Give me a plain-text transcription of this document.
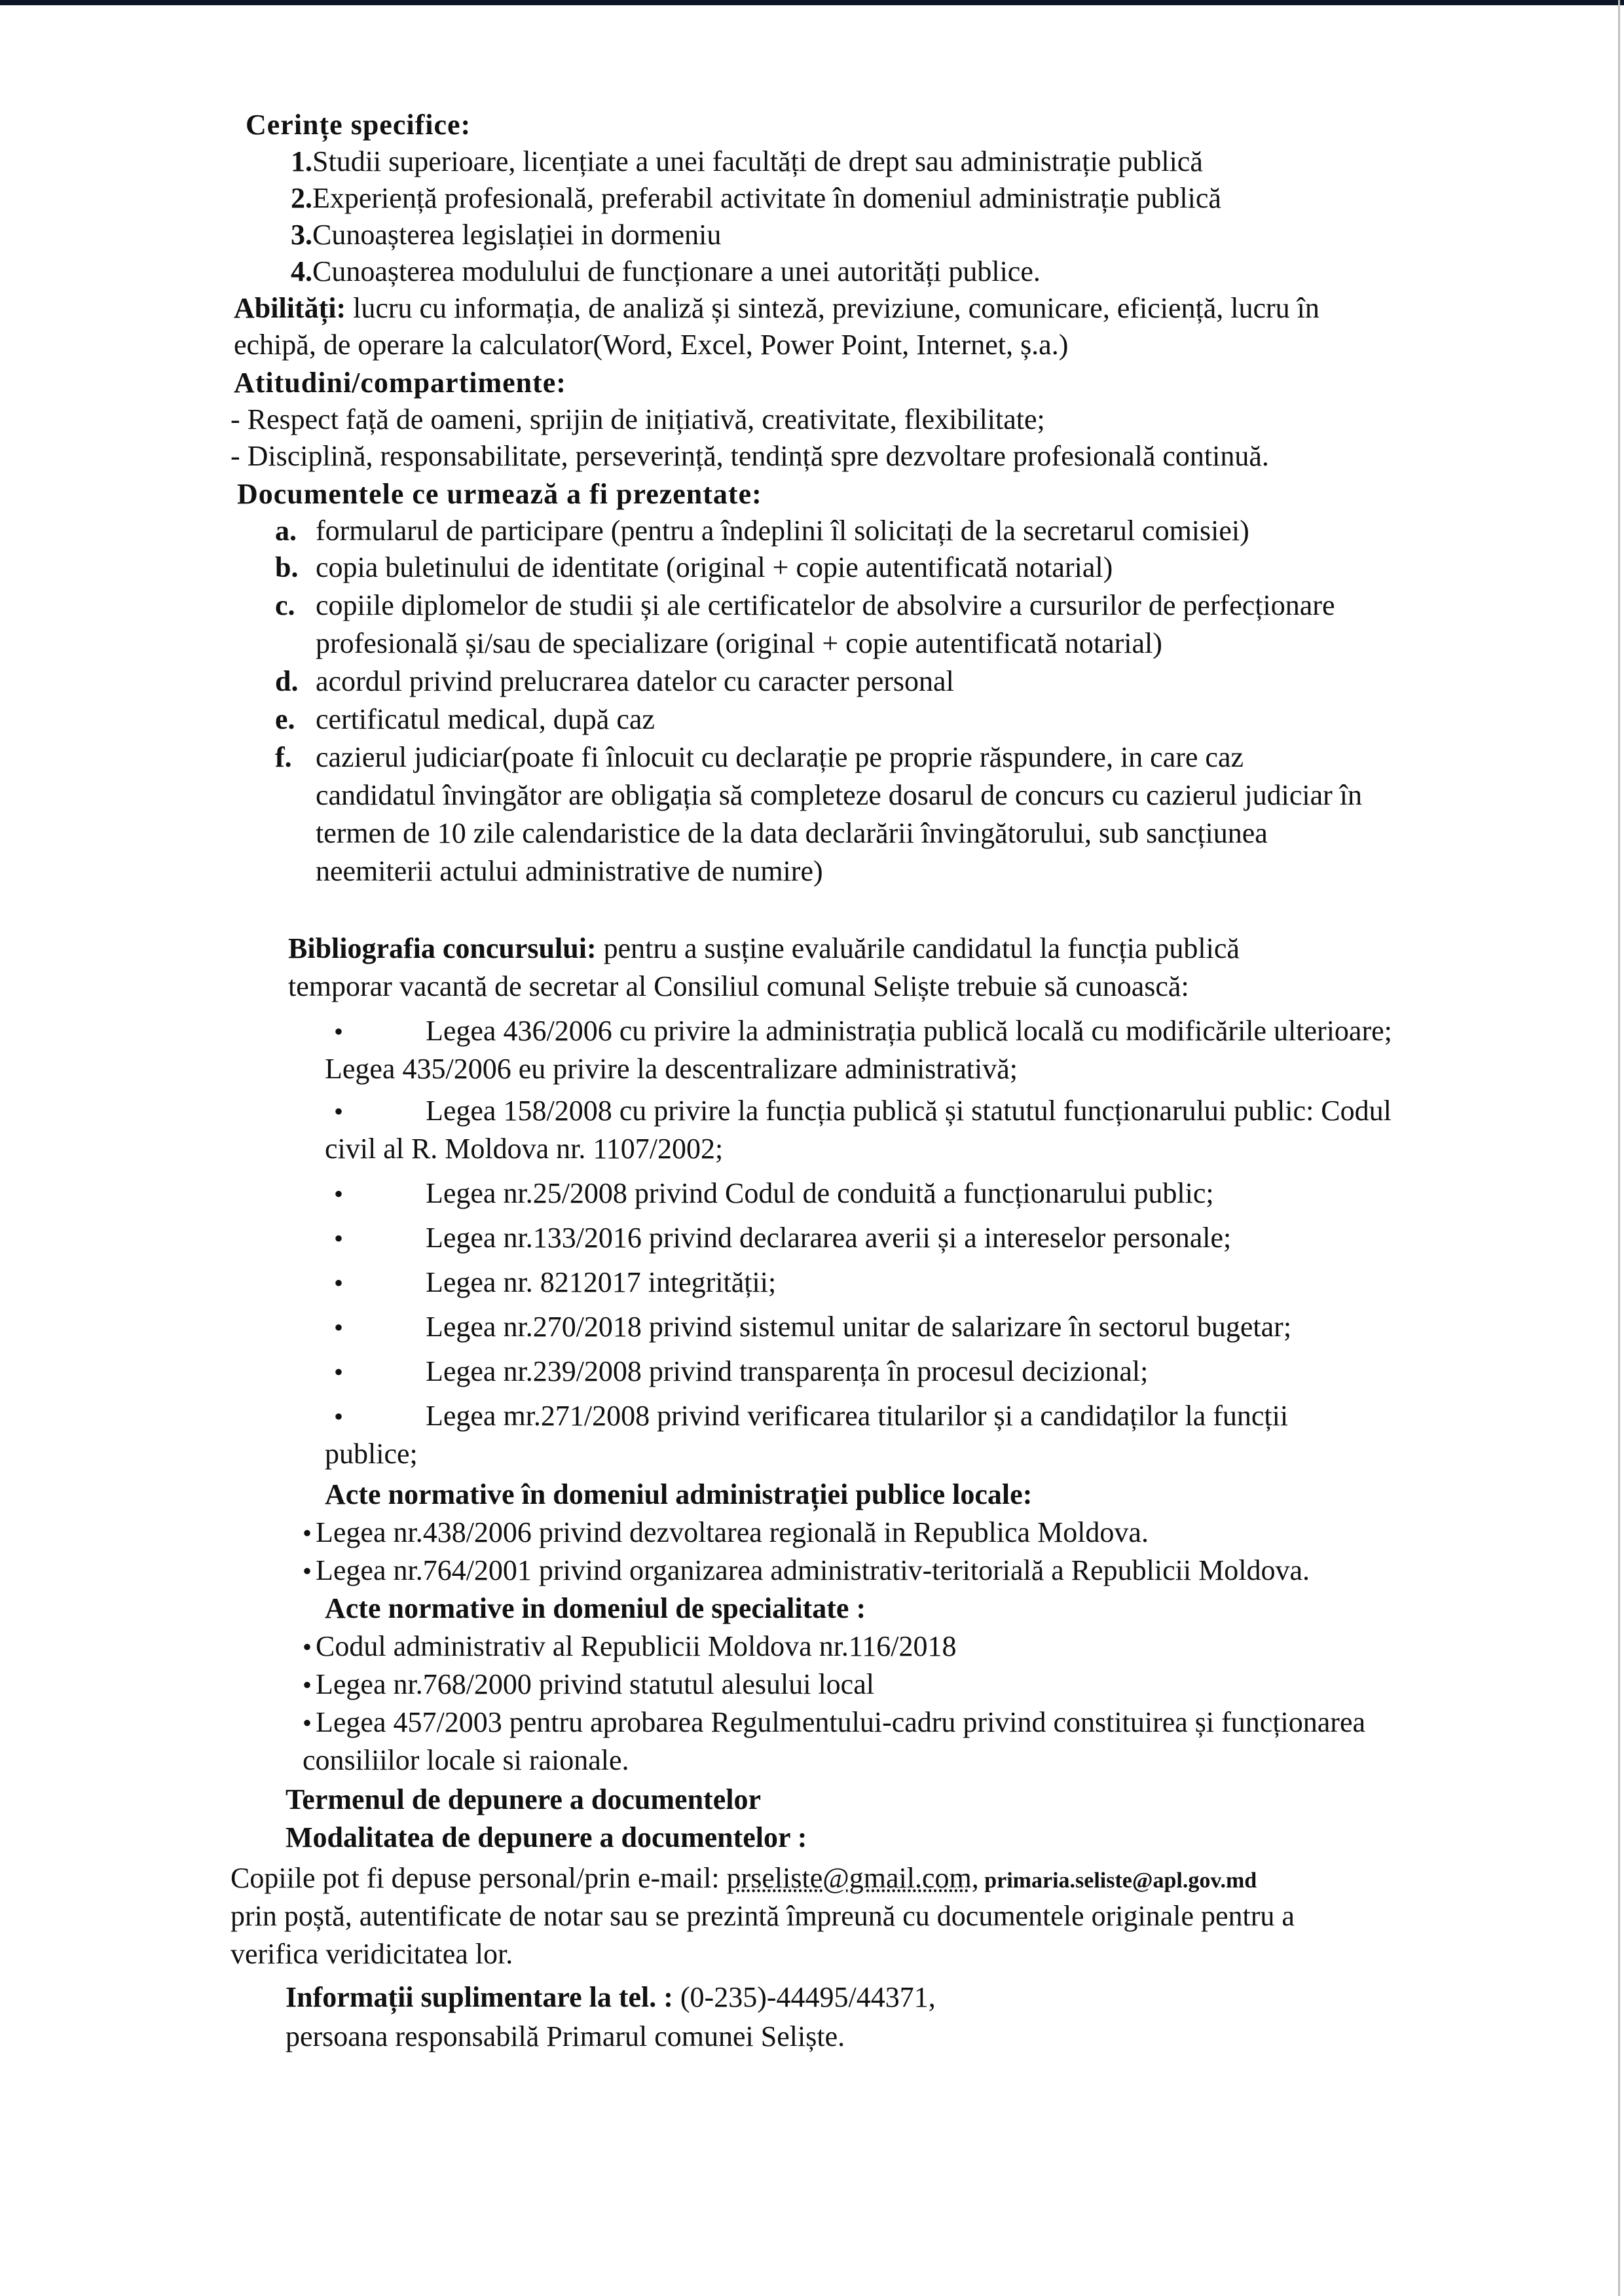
Cerințe specifice:
1.Studii superioare, licențiate a unei facultăți de drept sau administrație publică
2.Experiență profesională, preferabil activitate în domeniul administrație publică
3.Cunoașterea legislației in dormeniu
4.Cunoașterea modulului de funcționare a unei autorități publice.
Abilități: lucru cu informația, de analiză și sinteză, previziune, comunicare, eficiență, lucru în
echipă, de operare la calculator(Word, Excel, Power Point, Internet, ș.a.)
Atitudini/compartimente:
- Respect față de oameni, sprijin de inițiativă, creativitate, flexibilitate;
- Disciplină, responsabilitate, perseverință, tendință spre dezvoltare profesională continuă.
Documentele ce urmează a fi prezentate:
a. formularul de participare (pentru a îndeplini îl solicitați de la secretarul comisiei)
b. copia buletinului de identitate (original + copie autentificată notarial)
c. copiile diplomelor de studii și ale certificatelor de absolvire a cursurilor de perfecționare
profesională și/sau de specializare (original + copie autentificată notarial)
d. acordul privind prelucrarea datelor cu caracter personal
e. certificatul medical, după caz
f. cazierul judiciar(poate fi înlocuit cu declarație pe proprie răspundere, in care caz
candidatul învingător are obligația să completeze dosarul de concurs cu cazierul judiciar în
termen de 10 zile calendaristice de la data declarării învingătorului, sub sancțiunea
neemiterii actului administrative de numire)
Bibliografia concursului: pentru a susține evaluările candidatul la funcția publică
temporar vacantă de secretar al Consiliul comunal Seliște trebuie să cunoască:
•	Legea 436/2006 cu privire la administrația publică locală cu modificările ulterioare;
Legea 435/2006 eu privire la descentralizare administrativă;
•	Legea 158/2008 cu privire la funcția publică și statutul funcționarului public: Codul
civil al R. Moldova nr. 1107/2002;
•	Legea nr.25/2008 privind Codul de conduită a funcționarului public;
•	Legea nr.133/2016 privind declararea averii și a intereselor personale;
•	Legea nr. 8212017 integrității;
•	Legea nr.270/2018 privind sistemul unitar de salarizare în sectorul bugetar;
•	Legea nr.239/2008 privind transparența în procesul decizional;
•	Legea mr.271/2008 privind verificarea titularilor și a candidaților la funcții
publice;
Acte normative în domeniul administrației publice locale:
• Legea nr.438/2006 privind dezvoltarea regională in Republica Moldova.
• Legea nr.764/2001 privind organizarea administrativ-teritorială a Republicii Moldova.
Acte normative in domeniul de specialitate :
• Codul administrativ al Republicii Moldova nr.116/2018
• Legea nr.768/2000 privind statutul alesului local
• Legea 457/2003 pentru aprobarea Regulmentului-cadru privind constituirea și funcționarea
consiliilor locale si raionale.
Termenul de depunere a documentelor
Modalitatea de depunere a documentelor :
Copiile pot fi depuse personal/prin e-mail: prseliste@gmail.com, primaria.seliste@apl.gov.md
prin poștă, autentificate de notar sau se prezintă împreună cu documentele originale pentru a
verifica veridicitatea lor.
Informații suplimentare la tel. : (0-235)-44495/44371,
persoana responsabilă Primarul comunei Seliște.
